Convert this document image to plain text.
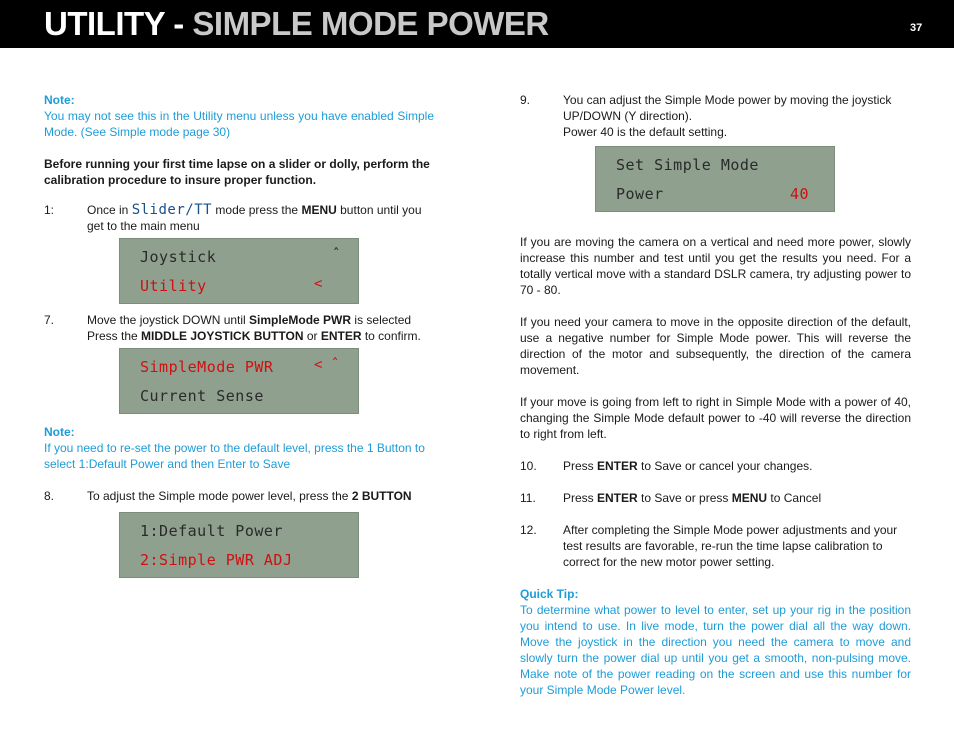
UTILITY - SIMPLE MODE POWER	37
Note:

You may not see this in the Utility menu unless you have enabled Simple Mode. (See Simple mode page 30)

Before running your first time lapse on a slider or dolly, perform the calibration procedure to insure proper function.

1:	Once in Slider/TT mode press the MENU button until you get to the main menu
Joystick
Utility
ˆ
<
7.	Move the joystick DOWN until SimpleMode PWR is selected
Press the MIDDLE JOYSTICK BUTTON or ENTER to confirm.
SimpleMode PWR
Current Sense
< ˆ
Note:

If you need to re-set the power to the default level, press the 1 Button to select 1:Default Power and then Enter to Save

8.	To adjust the Simple mode power level, press the 2 BUTTON
1:Default Power
2:Simple PWR ADJ
9.	You can adjust the Simple Mode power by moving the joystick UP/DOWN (Y direction).
Power 40 is the default setting.
Set Simple Mode
Power	40

If you are moving the camera on a vertical and need more power, slowly increase this number and test until you get the results you need. For a totally vertical move with a standard DSLR camera, try adjusting power to 70 - 80.

If you need your camera to move in the opposite direction of the default, use a negative number for Simple Mode power. This will reverse the direction of the motor and subsequently, the direction of the camera movement.

If your move is going from left to right in Simple Mode with a power of 40, changing the Simple Mode default power to -40 will reverse the direction to right from left.

10. Press ENTER to Save or cancel your changes.
11. Press ENTER to Save or press MENU to Cancel
12. After completing the Simple Mode power adjustments and your test results are favorable, re-run the time lapse calibration to correct for the new motor power setting.
Quick Tip:

To determine what power to level to enter, set up your rig in the position you intend to use. In live mode, turn the power dial all the way down. Move the joystick in the direction you need the camera to move and slowly turn the power dial up until you get a smooth, non-pulsing move. Make note of the power reading on the screen and use this number for your Simple Mode Power level.
